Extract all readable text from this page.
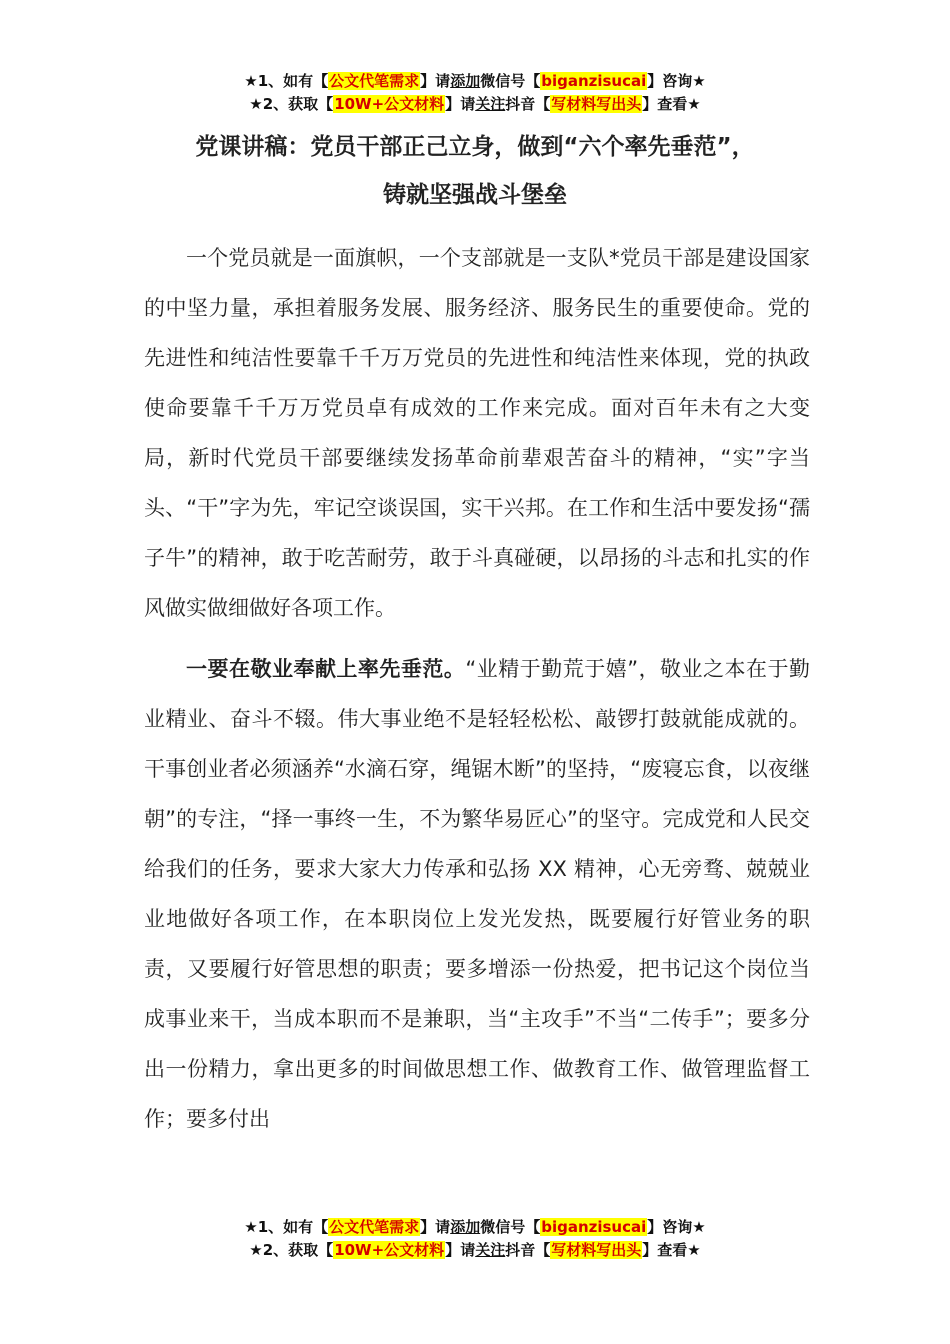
★1、如有【公文代笔需求】请添加微信号【biganzisucai】咨询★
★2、获取【10W+公文材料】请关注抖音【写材料写出头】查看★
党课讲稿：党员干部正己立身，做到“六个率先垂范”，
铸就坚强战斗堡垒

一个党员就是一面旗帜，一个支部就是一支队*党员干部是建设国家的中坚力量，承担着服务发展、服务经济、服务民生的重要使命。党的先进性和纯洁性要靠千千万万党员的先进性和纯洁性来体现，党的执政使命要靠千千万万党员卓有成效的工作来完成。面对百年未有之大变局，新时代党员干部要继续发扬革命前辈艰苦奋斗的精神，“实”字当头、“干”字为先，牢记空谈误国，实干兴邦。在工作和生活中要发扬“孺子牛”的精神，敢于吃苦耐劳，敢于斗真碰硬，以昂扬的斗志和扎实的作风做实做细做好各项工作。

一要在敬业奉献上率先垂范。“业精于勤荒于嬉”，敬业之本在于勤业精业、奋斗不辍。伟大事业绝不是轻轻松松、敲锣打鼓就能成就的。干事创业者必须涵养“水滴石穿，绳锯木断”的坚持，“废寝忘食，以夜继朝”的专注，“择一事终一生，不为繁华易匠心”的坚守。完成党和人民交给我们的任务，要求大家大力传承和弘扬 XX 精神，心无旁骛、兢兢业业地做好各项工作，在本职岗位上发光发热，既要履行好管业务的职责，又要履行好管思想的职责；要多增添一份热爱，把书记这个岗位当成事业来干，当成本职而不是兼职，当“主攻手”不当“二传手”；要多分出一份精力，拿出更多的时间做思想工作、做教育工作、做管理监督工作；要多付出

★1、如有【公文代笔需求】请添加微信号【biganzisucai】咨询★
★2、获取【10W+公文材料】请关注抖音【写材料写出头】查看★
